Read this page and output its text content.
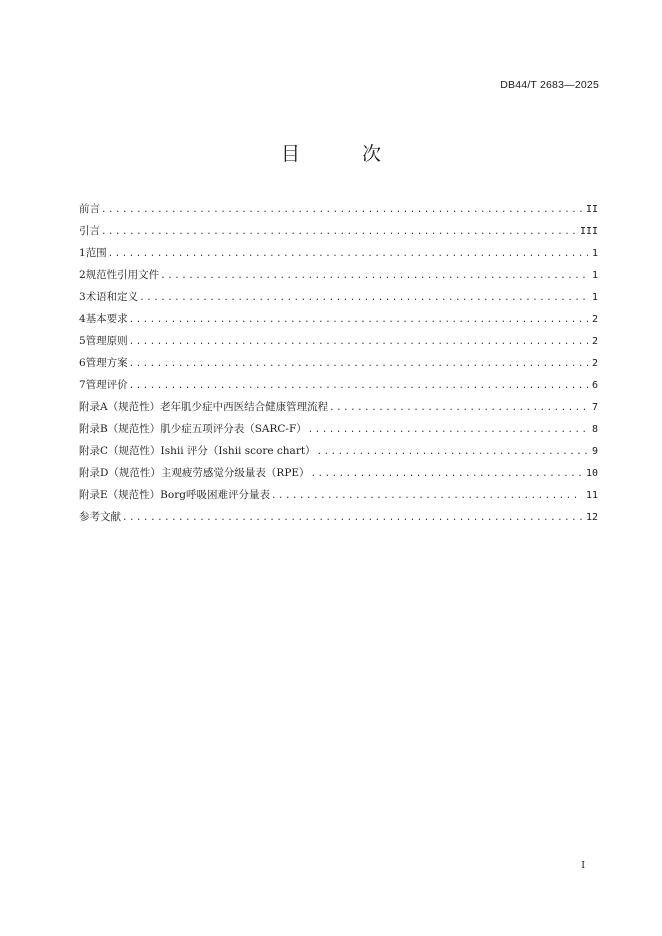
DB44/T 2683—2025
目 次
前言 .....	II
引言 .....	III
1 范围 .....	1
2 规范性引用文件 .....	1
3 术语和定义 .....	1
4 基本要求 .....	2
5 管理原则 .....	2
6 管理方案 .....	2
7 管理评价 .....	6
附录A（规范性） 老年肌少症中西医结合健康管理流程 .....	7
附录B（规范性） 肌少症五项评分表（SARC-F） .....	8
附录C（规范性） Ishii 评分（Ishii score chart） .....	9
附录D（规范性） 主观疲劳感觉分级量表（RPE） .....	10
附录E（规范性） Borg呼吸困难评分量表 .....	11
参考文献 .....	12
I
